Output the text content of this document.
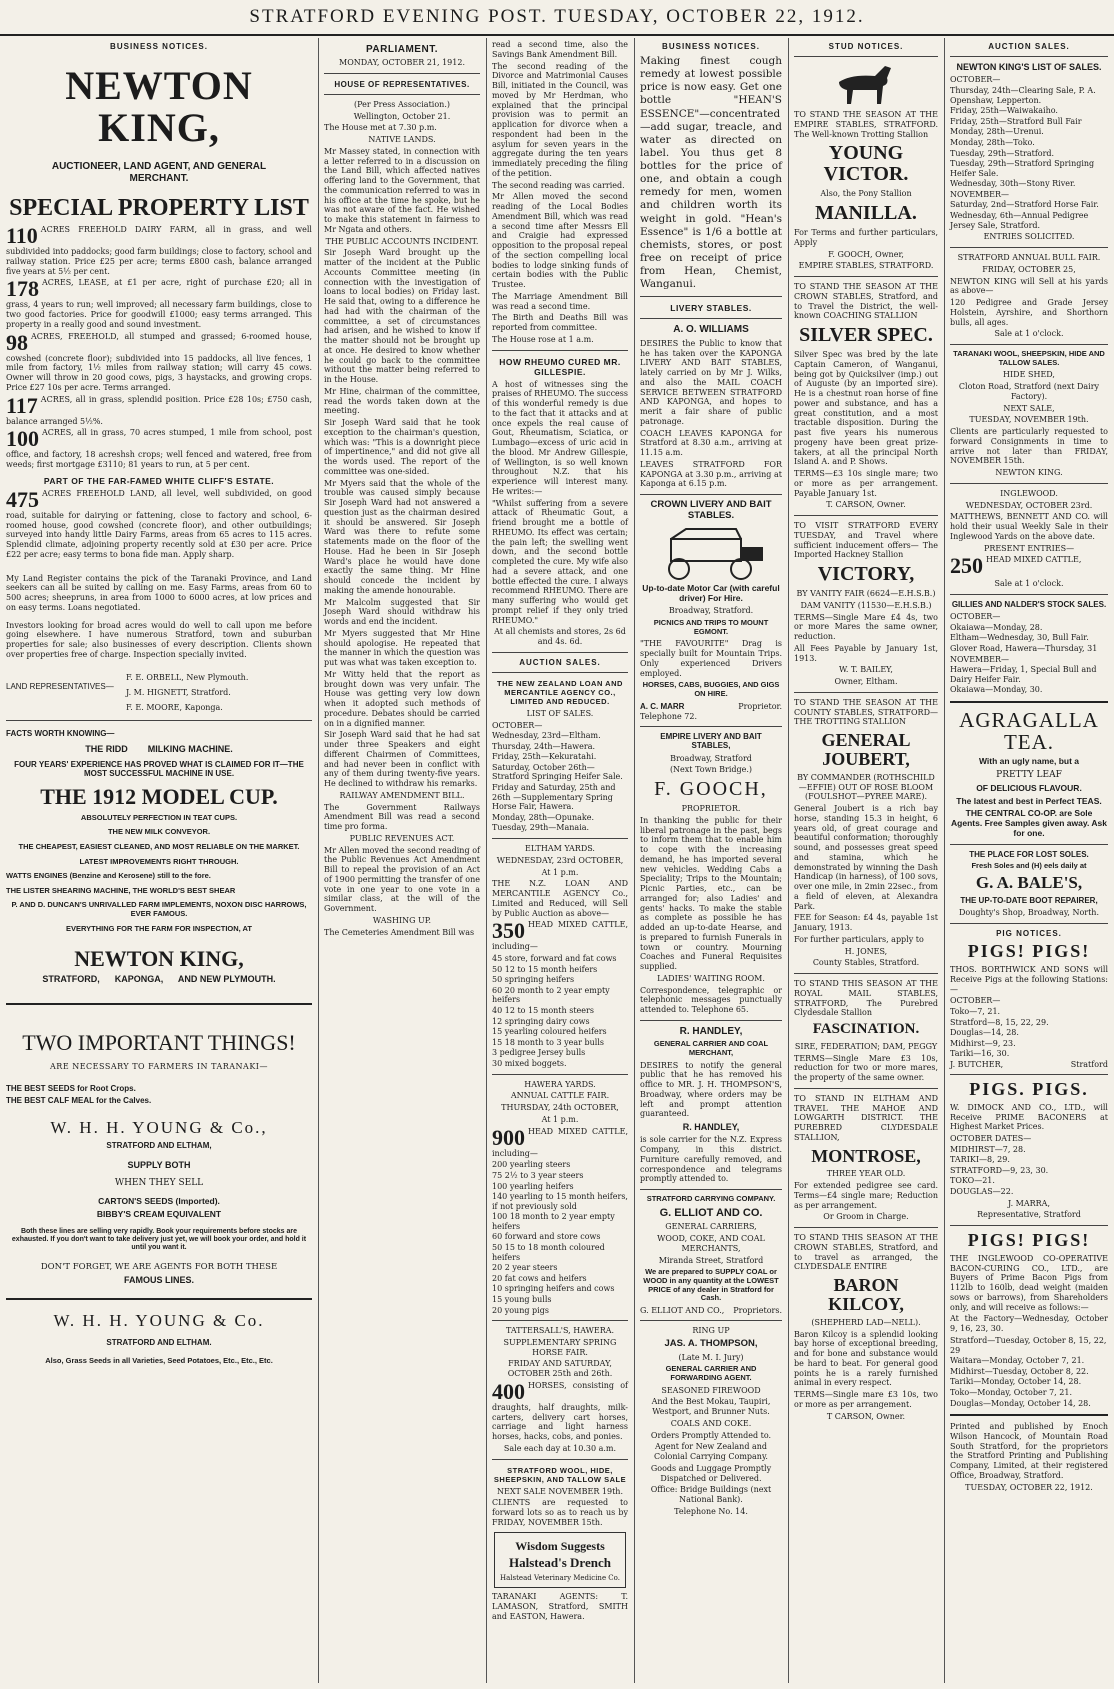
STRATFORD EVENING POST. TUESDAY, OCTOBER 22, 1912.
BUSINESS NOTICES.
NEWTON KING,
AUCTIONEER, LAND AGENT, AND GENERAL MERCHANT.
SPECIAL PROPERTY LIST
110 ACRES FREEHOLD DAIRY FARM, all in grass, and well subdivided into paddocks; good farm buildings; close to factory, school and railway station. Price £25 per acre; terms £800 cash, balance arranged five years at 5½ per cent.
178 ACRES, LEASE, at £1 per acre, right of purchase £20; all in grass, 4 years to run; well improved; all necessary farm buildings, close to two good factories. Price for goodwill £1000; easy terms arranged. This property in a really good and sound investment.
98 ACRES, FREEHOLD, all stumped and grassed; 6-roomed house, cowshed (concrete floor); subdivided into 15 paddocks, all live fences, 1 mile from factory, 1½ miles from railway station; will carry 45 cows. Owner will throw in 20 good cows, pigs, 3 haystacks, and growing crops. Price £27 10s per acre. Terms arranged.
117 ACRES, all in grass, splendid position. Price £28 10s; £750 cash, balance arranged 5½%.
100 ACRES, all in grass, 70 acres stumped, 1 mile from school, post office, and factory, 18 acreshsh crops; well fenced and watered, free from weeds; first mortgage £3110; 81 years to run, at 5 per cent.
PART OF THE FAR-FAMED WHITE CLIFF'S ESTATE.
475 ACRES FREEHOLD LAND, all level, well subdivided, on good road, suitable for dairying or fattening, close to factory and school, 6-roomed house, good cowshed (concrete floor), and other outbuildings; surveyed into handy little Dairy Farms, areas from 65 acres to 115 acres. Splendid climate, adjoining property recently sold at £30 per acre. Price £22 per acre; easy terms to bona fide man. Apply sharp.
My Land Register contains the pick of the Taranaki Province, and Land seekers can all be suited by calling on me. Easy Farms, areas from 60 to 500 acres; sheepruns, in area from 1000 to 6000 acres, at low prices and on easy terms. Loans negotiated.
Investors looking for broad acres would do well to call upon me before going elsewhere. I have numerous Stratford, town and suburban properties for sale; also businesses of every description. Clients shown over properties free of charge. Inspection specially invited.
LAND REPRESENTATIVES—
F. E. ORBELL, New Plymouth.
J. M. HIGNETT, Stratford.
F. E. MOORE, Kaponga.
FACTS WORTH KNOWING—
THE RIDD MILKING MACHINE.
FOUR YEARS' EXPERIENCE HAS PROVED WHAT IS CLAIMED FOR IT—THE MOST SUCCESSFUL MACHINE IN USE.
THE 1912 MODEL CUP.
ABSOLUTELY PERFECTION IN TEAT CUPS.
THE NEW MILK CONVEYOR.
THE CHEAPEST, EASIEST CLEANED, AND MOST RELIABLE ON THE MARKET.
LATEST IMPROVEMENTS RIGHT THROUGH.
WATTS ENGINES (Benzine and Kerosene) still to the fore.
THE LISTER SHEARING MACHINE, THE WORLD'S BEST SHEAR
P. AND D. DUNCAN'S UNRIVALLED FARM IMPLEMENTS, NOXON DISC HARROWS, EVER FAMOUS.
EVERYTHING FOR THE FARM FOR INSPECTION, AT
NEWTON KING,
STRATFORD,      KAPONGA,      AND NEW PLYMOUTH.
TWO IMPORTANT THINGS!
ARE NECESSARY TO FARMERS IN TARANAKI—
THE BEST SEEDS for Root Crops.
THE BEST CALF MEAL for the Calves.
W. H. H. YOUNG & Co.,
STRATFORD AND ELTHAM,
SUPPLY BOTH
WHEN THEY SELL
CARTON'S SEEDS (Imported).
BIBBY'S CREAM EQUIVALENT
Both these lines are selling very rapidly. Book your requirements before stocks are exhausted. If you don't want to take delivery just yet, we will book your order, and hold it until you want it.
DON'T FORGET, WE ARE AGENTS FOR BOTH THESE
FAMOUS LINES.
W. H. H. YOUNG & Co.
STRATFORD AND ELTHAM.
Also, Grass Seeds in all Varieties, Seed Potatoes, Etc., Etc., Etc.
PARLIAMENT.
MONDAY, OCTOBER 21, 1912.
HOUSE OF REPRESENTATIVES.
(Per Press Association.)
Wellington, October 21.
The House met at 7.30 p.m.
NATIVE LANDS.
Mr Massey stated, in connection with a letter referred to in a discussion on the Land Bill, which affected natives offering land to the Government, that the communication referred to was in his office at the time he spoke, but he was not aware of the fact. He wished to make this statement in fairness to Mr Ngata and others.
THE PUBLIC ACCOUNTS INCIDENT.
Sir Joseph Ward brought up the matter of the incident at the Public Accounts Committee meeting (in connection with the investigation of loans to local bodies) on Friday last. He said that, owing to a difference he had had with the chairman of the committee, a set of circumstances had arisen, and he wished to know if the matter should not be brought up at once. He desired to know whether he could go back to the committee without the matter being referred to in the House.
Mr Hine, chairman of the committee, read the words taken down at the meeting.
Sir Joseph Ward said that he took exception to the chairman's question, which was: "This is a downright piece of impertinence," and did not give all the words used. The report of the committee was one-sided.
Mr Myers said that the whole of the trouble was caused simply because Sir Joseph Ward had not answered a question just as the chairman desired it should be answered. Sir Joseph Ward was there to refute some statements made on the floor of the House. Had he been in Sir Joseph Ward's place he would have done exactly the same thing. Mr Hine should concede the incident by making the amende honourable.
Mr Malcolm suggested that Sir Joseph Ward should withdraw his words and end the incident.
Mr Myers suggested that Mr Hine should apologise. He repeated that the manner in which the question was put was what was taken exception to.
Mr Witty held that the report as brought down was very unfair. The House was getting very low down when it adopted such methods of procedure. Debates should be carried on in a dignified manner.
Sir Joseph Ward said that he had sat under three Speakers and eight different Chairmen of Committees, and had never been in conflict with any of them during twenty-five years. He declined to withdraw his remarks.
RAILWAY AMENDMENT BILL.
The Government Railways Amendment Bill was read a second time pro forma.
PUBLIC REVENUES ACT.
Mr Allen moved the second reading of the Public Revenues Act Amendment Bill to repeal the provision of an Act of 1900 permitting the transfer of one vote in one year to one vote in a similar class, at the will of the Government.
WASHING UP.
The Cemeteries Amendment Bill was
read a second time, also the Savings Bank Amendment Bill.
The second reading of the Divorce and Matrimonial Causes Bill, initiated in the Council, was moved by Mr Herdman, who explained that the principal provision was to permit an application for divorce when a respondent had been in the asylum for seven years in the aggregate during the ten years immediately preceding the filing of the petition.
The second reading was carried.
Mr Allen moved the second reading of the Local Bodies Amendment Bill, which was read a second time after Messrs Ell and Craigie had expressed opposition to the proposal repeal of the section compelling local bodies to lodge sinking funds of certain bodies with the Public Trustee.
The Marriage Amendment Bill was read a second time.
The Birth and Deaths Bill was reported from committee.
The House rose at 1 a.m.
HOW RHEUMO CURED MR. GILLESPIE.
A host of witnesses sing the praises of RHEUMO. The success of this wonderful remedy is due to the fact that it attacks and at once expels the real cause of Gout, Rheumatism, Sciatica, or Lumbago—excess of uric acid in the blood. Mr Andrew Gillespie, of Wellington, is so well known throughout N.Z. that his experience will interest many. He writes:—
"Whilst suffering from a severe attack of Rheumatic Gout, a friend brought me a bottle of RHEUMO. Its effect was certain; the pain left; the swelling went down, and the second bottle completed the cure. My wife also had a severe attack, and one bottle effected the cure. I always recommend RHEUMO. There are many suffering who would get prompt relief if they only tried RHEUMO."
At all chemists and stores, 2s 6d and 4s. 6d.
AUCTION SALES.
THE NEW ZEALAND LOAN AND MERCANTILE AGENCY CO., LIMITED AND REDUCED.
LIST OF SALES.
OCTOBER—
Wednesday, 23rd—Eltham.
Thursday, 24th—Hawera.
Friday, 25th—Kekuratahi.
Saturday, October 26th—Stratford Springing Heifer Sale.
Friday and Saturday, 25th and 26th —Supplementary Spring Horse Fair, Hawera.
Monday, 28th—Opunake.
Tuesday, 29th—Manaia.
ELTHAM YARDS.
WEDNESDAY, 23rd OCTOBER,
At 1 p.m.
THE N.Z. LOAN AND MERCANTILE AGENCY Co., Limited and Reduced, will Sell by Public Auction as above—
350 HEAD MIXED CATTLE, including—
45 store, forward and fat cows
50 12 to 15 month heifers
50 springing heifers
60 20 month to 2 year empty heifers
40 12 to 15 month steers
12 springing dairy cows
15 yearling coloured heifers
15 18 month to 3 year bulls
3 pedigree Jersey bulls
30 mixed boggets.
HAWERA YARDS.
ANNUAL CATTLE FAIR.
THURSDAY, 24th OCTOBER,
At 1 p.m.
900 HEAD MIXED CATTLE, including—
200 yearling steers
75 2½ to 3 year steers
100 yearling heifers
140 yearling to 15 month heifers, if not previously sold
100 18 month to 2 year empty heifers
60 forward and store cows
50 15 to 18 month coloured heifers
20 2 year steers
20 fat cows and heifers
10 springing heifers and cows
15 young bulls
20 young pigs
TATTERSALL'S, HAWERA.
SUPPLEMENTARY SPRING HORSE FAIR.
FRIDAY AND SATURDAY, OCTOBER 25th and 26th.
400 HORSES, consisting of draughts, half draughts, milk-carters, delivery cart horses, carriage and light harness horses, hacks, cobs, and ponies.
Sale each day at 10.30 a.m.
STRATFORD WOOL, HIDE, SHEEPSKIN, AND TALLOW SALE
NEXT SALE NOVEMBER 19th.
CLIENTS are requested to forward lots so as to reach us by FRIDAY, NOVEMBER 15th.
Wisdom Suggests
Halstead's Drench
Halstead Veterinary Medicine Co.
TARANAKI AGENTS: T. LAMASON, Stratford, SMITH and EASTON, Hawera.
BUSINESS NOTICES.
Making finest cough remedy at lowest possible price is now easy. Get one bottle "HEAN'S ESSENCE"—concentrated—add sugar, treacle, and water as directed on label. You thus get 8 bottles for the price of one, and obtain a cough remedy for men, women and children worth its weight in gold. "Hean's Essence" is 1/6 a bottle at chemists, stores, or post free on receipt of price from Hean, Chemist, Wanganui.
LIVERY STABLES.
A. O. WILLIAMS
DESIRES the Public to know that he has taken over the KAPONGA LIVERY AND BAIT STABLES, lately carried on by Mr J. Wilks, and also the MAIL COACH SERVICE BETWEEN STRATFORD AND KAPONGA, and hopes to merit a fair share of public patronage.
COACH LEAVES KAPONGA for Stratford at 8.30 a.m., arriving at 11.15 a.m.
LEAVES STRATFORD FOR KAPONGA at 3.30 p.m., arriving at Kaponga at 6.15 p.m.
CROWN LIVERY AND BAIT STABLES.
Up-to-date Motor Car (with careful driver) For Hire.
Broadway, Stratford.
PICNICS AND TRIPS TO MOUNT EGMONT.
"THE FAVOURITE" Drag is specially built for Mountain Trips. Only experienced Drivers employed.
HORSES, CABS, BUGGIES, AND GIGS ON HIRE.
A. C. MARR	Proprietor.
Telephone 72.
EMPIRE LIVERY AND BAIT STABLES,
Broadway, Stratford
(Next Town Bridge.)
F. GOOCH,
PROPRIETOR.
In thanking the public for their liberal patronage in the past, begs to inform them that to enable him to cope with the increasing demand, he has imported several new vehicles. Wedding Cabs a Speciality; Trips to the Mountain; Picnic Parties, etc., can be arranged for; also Ladies' and gents' hacks. To make the stable as complete as possible he has added an up-to-date Hearse, and is prepared to furnish Funerals in town or country. Mourning Coaches and Funeral Requisites supplied.
LADIES' WAITING ROOM.
Correspondence, telegraphic or telephonic messages punctually attended to. Telephone 65.
R. HANDLEY,
GENERAL CARRIER AND COAL MERCHANT,
DESIRES to notify the general public that he has removed his office to MR. J. H. THOMPSON'S, Broadway, where orders may be left and prompt attention guaranteed.
R. HANDLEY,
is sole carrier for the N.Z. Express Company, in this district. Furniture carefully removed, and correspondence and telegrams promptly attended to.
STRATFORD CARRYING COMPANY.
G. ELLIOT AND CO.
GENERAL CARRIERS,
WOOD, COKE, AND COAL MERCHANTS,
Miranda Street, Stratford
We are prepared to SUPPLY COAL or WOOD in any quantity at the LOWEST PRICE of any dealer in Stratford for Cash.
G. ELLIOT AND CO., Proprietors.
RING UP
JAS. A. THOMPSON,
(Late M. I. Jury)
GENERAL CARRIER AND FORWARDING AGENT.
SEASONED FIREWOOD
And the Best Mokau, Taupiri, Westport, and Brunner Nuts.
COALS AND COKE.
Orders Promptly Attended to.
Agent for New Zealand and Colonial Carrying Company.
Goods and Luggage Promptly Dispatched or Delivered.
Office: Bridge Buildings (next National Bank).
Telephone No. 14.
STUD NOTICES.
TO STAND THE SEASON AT THE EMPIRE STABLES, STRATFORD. The Well-known Trotting Stallion
YOUNG VICTOR.
Also, the Pony Stallion
MANILLA.
For Terms and further particulars, Apply
F. GOOCH, Owner,
EMPIRE STABLES, STRATFORD.
TO STAND THE SEASON AT THE CROWN STABLES, Stratford, and to Travel the District, the well-known COACHING STALLION
SILVER SPEC.
Silver Spec was bred by the late Captain Cameron, of Wanganui, being got by Quicksilver (imp.) out of Auguste (by an imported sire). He is a chestnut roan horse of fine power and substance, and has a great constitution, and a most tractable disposition. During the past five years his numerous progeny have been great prize-takers, at all the principal North Island A. and P. Shows.
TERMS—£3 10s single mare; two or more as per arrangement. Payable January 1st.
T. CARSON, Owner.
TO VISIT STRATFORD EVERY TUESDAY, and Travel where sufficient inducement offers— The Imported Hackney Stallion
VICTORY,
BY VANITY FAIR (6624—E.H.S.B.)
DAM VANITY (11530—E.H.S.B.)
TERMS—Single Mare £4 4s, two or more Mares the same owner, reduction.
All Fees Payable by January 1st, 1913.
W. T. BAILEY,
Owner, Eltham.
TO STAND THE SEASON AT THE COUNTY STABLES, STRATFORD— THE TROTTING STALLION
GENERAL JOUBERT,
BY COMMANDER (ROTHSCHILD—EFFIE) OUT OF ROSE BLOOM (FOULSHOT—PYREE MARE).
General Joubert is a rich bay horse, standing 15.3 in height, 6 years old, of great courage and beautiful conformation; thoroughly sound, and possesses great speed and stamina, which he demonstrated by winning the Dash Handicap (in harness), of 100 sovs, over one mile, in 2min 22sec., from a field of eleven, at Alexandra Park.
FEE for Season: £4 4s, payable 1st January, 1913.
For further particulars, apply to
H. JONES,
County Stables, Stratford.
TO STAND THIS SEASON AT THE ROYAL MAIL STABLES, STRATFORD, The Purebred Clydesdale Stallion
FASCINATION.
SIRE, FEDERATION; DAM, PEGGY
TERMS—Single Mare £3 10s, reduction for two or more mares, the property of the same owner.
TO STAND IN ELTHAM AND TRAVEL THE MAHOE AND LOWGARTH DISTRICT. THE PUREBRED CLYDESDALE STALLION,
MONTROSE,
THREE YEAR OLD.
For extended pedigree see card. Terms—£4 single mare; Reduction as per arrangement.
Or Groom in Charge.
TO STAND THIS SEASON AT THE CROWN STABLES, Stratford, and to travel as arranged, the CLYDESDALE ENTIRE
BARON KILCOY,
(SHEPHERD LAD—NELL).
Baron Kilcoy is a splendid looking bay horse of exceptional breeding, and for bone and substance would be hard to beat. For general good points he is a rarely furnished animal in every respect.
TERMS—Single mare £3 10s, two or more as per arrangement.
T CARSON, Owner.
AUCTION SALES.
NEWTON KING'S LIST OF SALES.
OCTOBER—
Thursday, 24th—Clearing Sale, P. A. Openshaw, Lepperton.
Friday, 25th—Waiwakaiho.
Friday, 25th—Stratford Bull Fair
Monday, 28th—Urenui.
Monday, 28th—Toko.
Tuesday, 29th—Stratford.
Tuesday, 29th—Stratford Springing Heifer Sale.
Wednesday, 30th—Stony River.
NOVEMBER—
Saturday, 2nd—Stratford Horse Fair.
Wednesday, 6th—Annual Pedigree Jersey Sale, Stratford.
ENTRIES SOLICITED.
STRATFORD ANNUAL BULL FAIR.
FRIDAY, OCTOBER 25,
NEWTON KING will Sell at his yards as above—
120 Pedigree and Grade Jersey Holstein, Ayrshire, and Shorthorn bulls, all ages.
Sale at 1 o'clock.
TARANAKI WOOL, SHEEPSKIN, HIDE AND TALLOW SALES.
HIDE SHED,
Cloton Road, Stratford (next Dairy Factory).
NEXT SALE,
TUESDAY, NOVEMBER 19th.
Clients are particularly requested to forward Consignments in time to arrive not later than FRIDAY, NOVEMBER 15th.
NEWTON KING.
INGLEWOOD.
WEDNESDAY, OCTOBER 23rd.
MATTHEWS, BENNETT AND CO. will hold their usual Weekly Sale in their Inglewood Yards on the above date.
PRESENT ENTRIES—
250 HEAD MIXED CATTLE,
Sale at 1 o'clock.
GILLIES AND NALDER'S STOCK SALES.
OCTOBER—
Okaiawa—Monday, 28.
Eltham—Wednesday, 30, Bull Fair.
Glover Road, Hawera—Thursday, 31
NOVEMBER—
Hawera—Friday, 1, Special Bull and Dairy Heifer Fair.
Okaiawa—Monday, 30.
AGRAGALLA TEA.
With an ugly name, but a
PRETTY LEAF
OF DELICIOUS FLAVOUR.
The latest and best in Perfect TEAS.
THE CENTRAL CO-OP. are Sole Agents. Free Samples given away. Ask for one.
THE PLACE FOR LOST SOLES.
Fresh Soles and (H) eels daily at
G. A. BALE'S,
THE UP-TO-DATE BOOT REPAIRER,
Doughty's Shop, Broadway, North.
PIG NOTICES.
PIGS! PIGS!
THOS. BORTHWICK AND SONS will Receive Pigs at the following Stations:—
OCTOBER—
Toko—7, 21.
Stratford—8, 15, 22, 29.
Douglas—14, 28.
Midhirst—9, 23.
Tariki—16, 30.
J. BUTCHER,	Stratford
PIGS. PIGS.
W. DIMOCK AND CO., LTD., will Receive PRIME BACONERS at Highest Market Prices.
OCTOBER DATES—
MIDHIRST—7, 28.
TARIKI—8, 29.
STRATFORD—9, 23, 30.
TOKO—21.
DOUGLAS—22.
J. MARRA,
Representative, Stratford
PIGS! PIGS!
THE INGLEWOOD CO-OPERATIVE BACON-CURING CO., LTD., are Buyers of Prime Bacon Pigs from 112lb to 160lb, dead weight (maiden sows or barrows), from Shareholders only, and will receive as follows:—
At the Factory—Wednesday, October 9, 16, 23, 30.
Stratford—Tuesday, October 8, 15, 22, 29
Waitara—Monday, October 7, 21.
Midhirst—Tuesday, October 8, 22.
Tariki—Monday, October 14, 28.
Toko—Monday, October 7, 21.
Douglas—Monday, October 14, 28.
Printed and published by Enoch Wilson Hancock, of Mountain Road South Stratford, for the proprietors the Stratford Printing and Publishing Company, Limited, at their registered Office, Broadway, Stratford.
TUESDAY, OCTOBER 22, 1912.
